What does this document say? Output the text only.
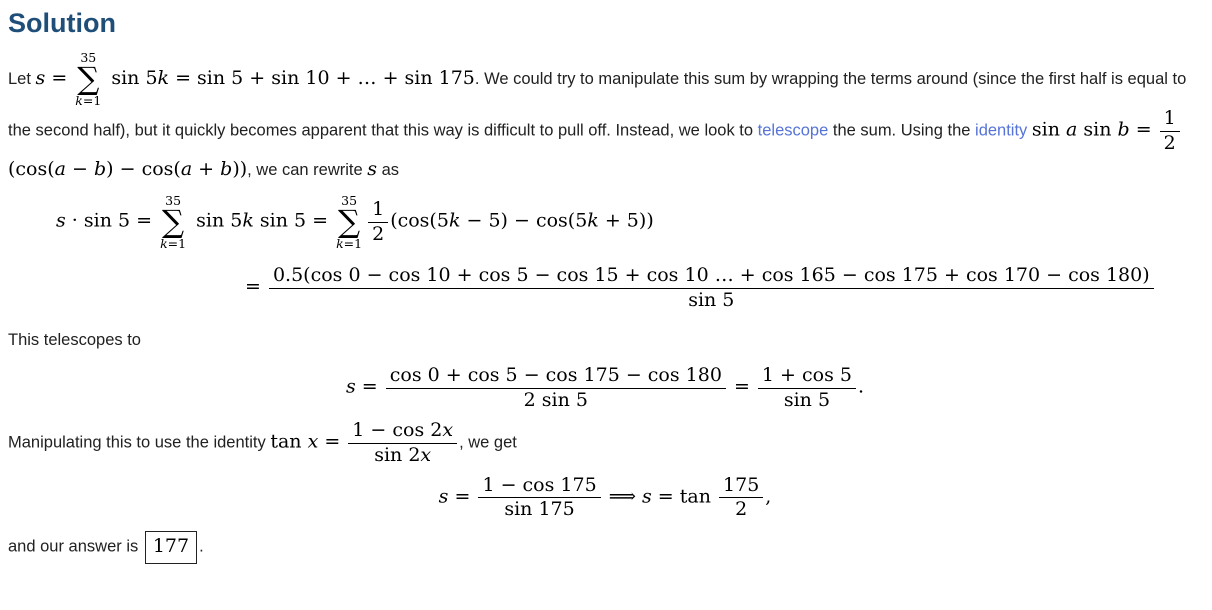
Solution

Let s =
35
∑
k=1
sin 5k = sin 5 + sin 10 + … + sin 175. We could try to manipulate this sum by wrapping the terms around (since the first half is equal to the second half), but it quickly becomes apparent that this way is difficult to pull off. Instead, we look to telescope the sum. Using the identity sin a $\sin b = \frac{1}{2}$
(cos(a − b) − cos(a + b)), we can rewrite s as

s · sin 5 =
35
∑
k=1
sin 5k sin 5 =
35
∑
$k=1 \frac{1}{2} (\cos(5k - 5) - \cos(5k + 5))$
=
0.5(cos 0 − cos 10 + cos 5 − cos 15 + cos 10 … + cos 165 − cos 175 + cos 170 − cos 180)
sin 5

This telescopes to

$s = \frac{\cos 0 + \cos 5 - \cos 175 - \cos 180}{2 \sin 5} = \frac{1 + \cos 5}{\sin 5}$ .

Manipulating this to use the identity $\tan x = \frac{1 - \cos 2x}{\sin 2x}$ , we get

$s = \frac{1 - \cos 175}{\sin 175}$ ⟹ $s = \tan \frac{175}{2}$ ,

and our answer is 177 .
